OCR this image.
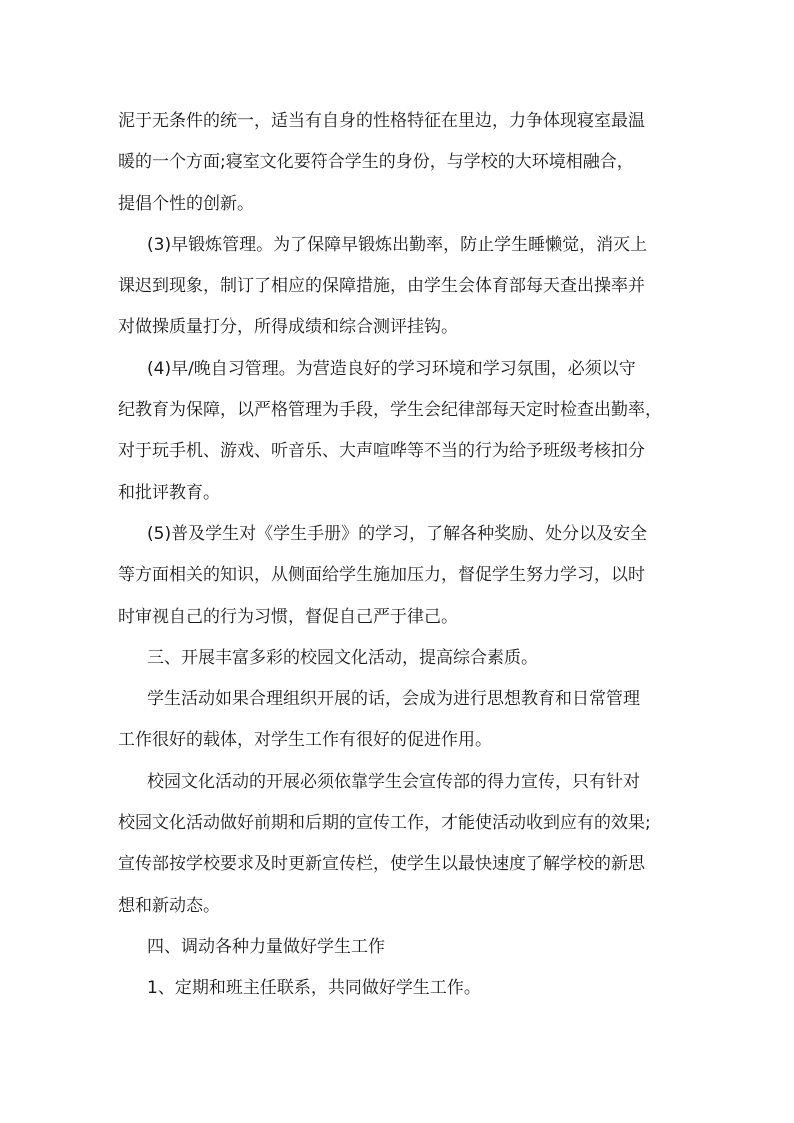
泥于无条件的统一，适当有自身的性格特征在里边，力争体现寝室最温
暖的一个方面;寝室文化要符合学生的身份，与学校的大环境相融合，
提倡个性的创新。
(3)早锻炼管理。为了保障早锻炼出勤率，防止学生睡懒觉，消灭上
课迟到现象，制订了相应的保障措施，由学生会体育部每天查出操率并
对做操质量打分，所得成绩和综合测评挂钩。
(4)早/晚自习管理。为营造良好的学习环境和学习氛围，必须以守
纪教育为保障，以严格管理为手段，学生会纪律部每天定时检查出勤率，
对于玩手机、游戏、听音乐、大声喧哗等不当的行为给予班级考核扣分
和批评教育。
(5)普及学生对《学生手册》的学习，了解各种奖励、处分以及安全
等方面相关的知识，从侧面给学生施加压力，督促学生努力学习，以时
时审视自己的行为习惯，督促自己严于律己。
三、开展丰富多彩的校园文化活动，提高综合素质。
学生活动如果合理组织开展的话，会成为进行思想教育和日常管理
工作很好的载体，对学生工作有很好的促进作用。
校园文化活动的开展必须依靠学生会宣传部的得力宣传，只有针对
校园文化活动做好前期和后期的宣传工作，才能使活动收到应有的效果;
宣传部按学校要求及时更新宣传栏，使学生以最快速度了解学校的新思
想和新动态。
四、调动各种力量做好学生工作
1、定期和班主任联系，共同做好学生工作。
